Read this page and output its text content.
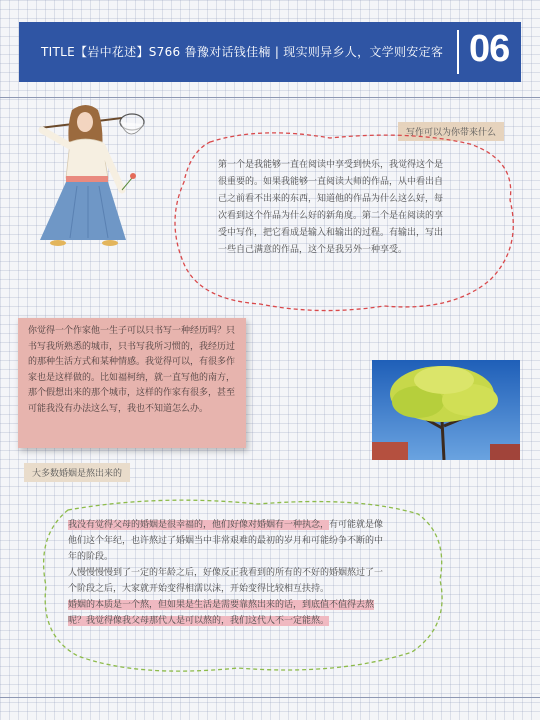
TITLE【岩中花述】S766 鲁豫对话钱佳楠 | 现实则异乡人，文学则安定客 06
写作可以为你带来什么
第一个是我能够一直在阅读中享受到快乐，我觉得这个是很重要的。如果我能够一直阅读大师的作品，从中看出自己之前看不出来的东西，知道他的作品为什么这么好，每次看到这个作品为什么好的新角度。第二个是在阅读的享受中写作，把它看成是输入和输出的过程。有输出，写出一些自己满意的作品，这个是我另外一种享受。
你觉得一个作家他一生子可以只书写一种经历吗？只书写我所熟悉的城市，只书写我所习惯的，我经历过的那种生活方式和某种情感。我觉得可以，有很多作家也是这样做的。比如福柯纳，就一直写他的南方，那个假想出来的那个城市，这样的作家有很多，甚至可能我没有办法这么写，我也不知道怎么办。
大多数婚姻是熬出来的

我没有觉得父母的婚姻是很幸福的，他们好像对婚姻有一种执念，有可能就是像他们这个年纪，也许熬过了婚姻当中非常艰难的最初的岁月和可能纷争不断的中年的阶段。

人慢慢慢慢到了一定的年龄之后，好像反正我看到的所有的不好的婚姻熬过了一个阶段之后，大家就开始变得相濡以沫，开始变得比较相互扶持。

婚姻的本质是一个熬，但如果是生活是需要靠熬出来的话，到底值不值得去熬呢？我觉得像我父母那代人是可以熬的，我们这代人不一定能熬。
